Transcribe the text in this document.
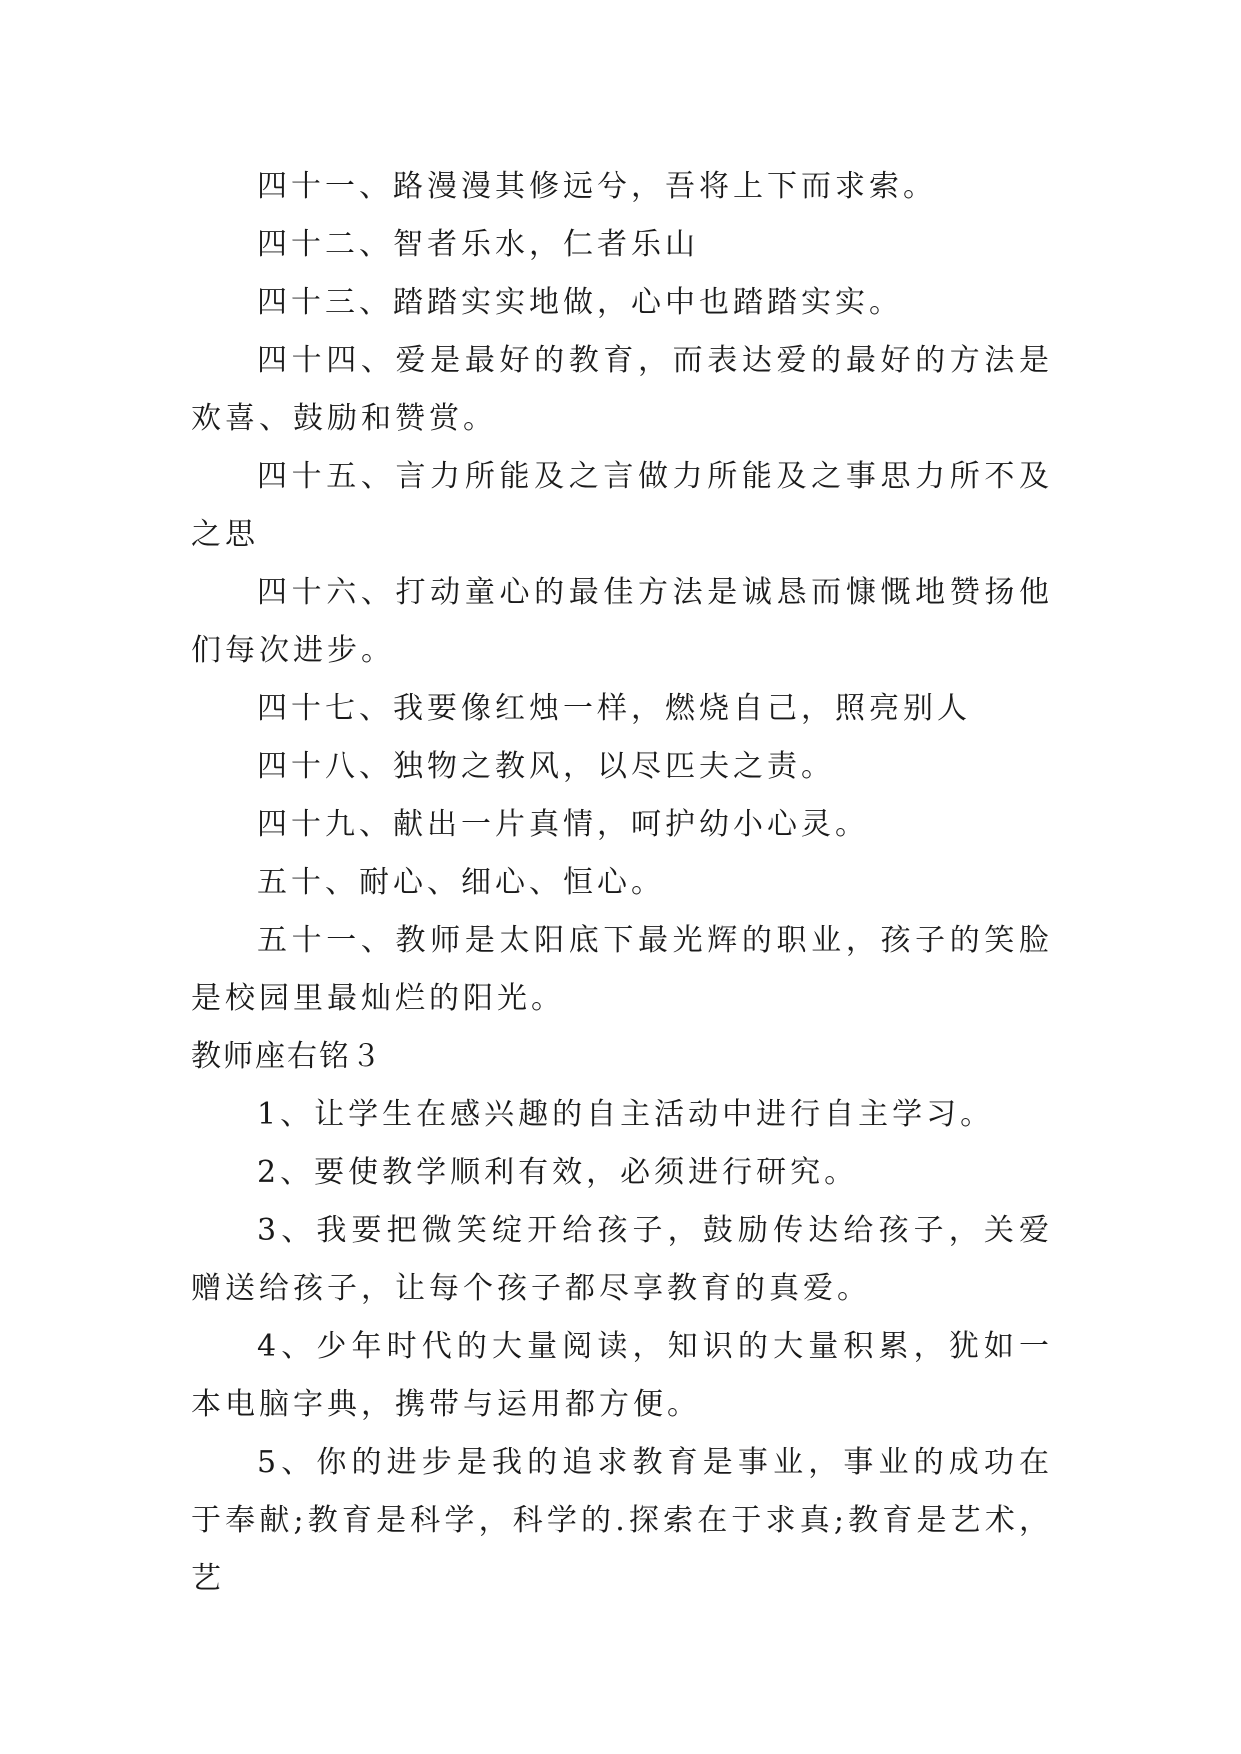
四十一、路漫漫其修远兮，吾将上下而求索。

四十二、智者乐水，仁者乐山

四十三、踏踏实实地做，心中也踏踏实实。

四十四、爱是最好的教育，而表达爱的最好的方法是欢喜、鼓励和赞赏。

四十五、言力所能及之言做力所能及之事思力所不及之思

四十六、打动童心的最佳方法是诚恳而慷慨地赞扬他们每次进步。

四十七、我要像红烛一样，燃烧自己，照亮别人

四十八、独物之教风，以尽匹夫之责。

四十九、献出一片真情，呵护幼小心灵。

五十、耐心、细心、恒心。

五十一、教师是太阳底下最光辉的职业，孩子的笑脸是校园里最灿烂的阳光。

教师座右铭３

1、让学生在感兴趣的自主活动中进行自主学习。

2、要使教学顺利有效，必须进行研究。

3、我要把微笑绽开给孩子，鼓励传达给孩子，关爱赠送给孩子，让每个孩子都尽享教育的真爱。

4、少年时代的大量阅读，知识的大量积累，犹如一本电脑字典，携带与运用都方便。

5、你的进步是我的追求教育是事业，事业的成功在于奉献;教育是科学，科学的.探索在于求真;教育是艺术，艺
